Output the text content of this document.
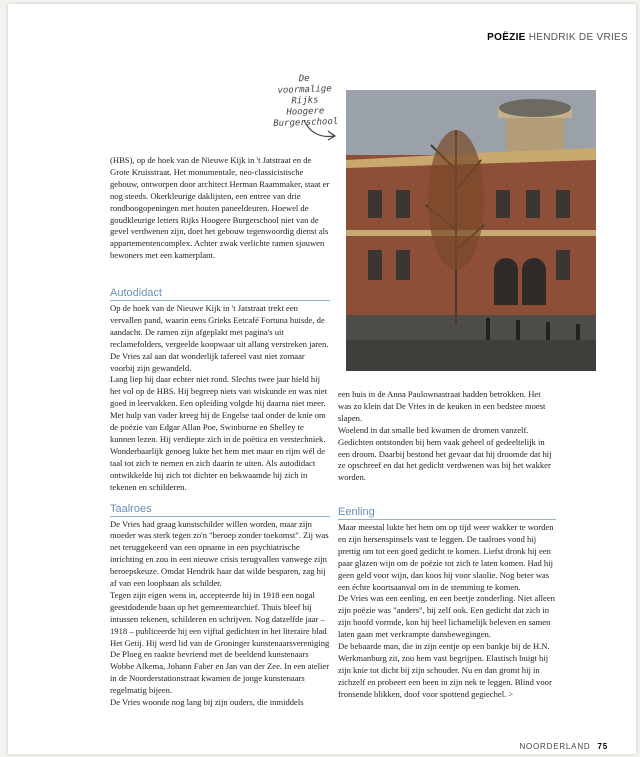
POËZIE HENDRIK DE VRIES
De voormalige
Rijks Hoogere
Burgerschool

(HBS), op de hoek van de Nieuwe Kijk in 't Jatstraat en de Grote Kruisstraat. Het monumentale, neo-classicistische gebouw, ontworpen door architect Herman Raammaker, staat er nog steeds. Okerkleurige daklijsten, een entree van drie rondboogopeningen met houten paneeldeuren. Hoewel de goudkleurige letters Rijks Hoogere Burgerschool niet van de gevel verdwenen zijn, doet het gebouw tegenwoordig dienst als appartementencomplex. Achter zwak verlichte ramen sjouwen bewoners met een kamerplant.

Autodidact

Op de hoek van de Nieuwe Kijk in 't Jatstraat trekt een vervallen pand, waarin eens Grieks Eetcafé Fortuna huisde, de aandacht. De ramen zijn afgeplakt met pagina's uit reclamefolders, vergeelde koopwaar uit allang verstreken jaren. De Vries zal aan dat wonderlijk tafereel vast niet zomaar voorbij zijn gewandeld.

Lang liep hij daar echter niet rond. Slechts twee jaar hield hij het vol op de HBS. Hij begreep niets van wiskunde en was niet goed in leervakken. Een opleiding volgde hij daarna niet meer. Met hulp van vader kreeg hij de Engelse taal onder de knie om de poëzie van Edgar Allan Poe, Swinburne en Shelley te kunnen lezen. Hij verdiepte zich in de poëtica en verstechniek. Wonderbaarlijk genoeg lukte het hem met maar en rijm wél de taal tot zich te nemen en zich daarin te uiten. Als autodidact ontwikkelde hij zich tot dichter en bekwaamde hij zich in tekenen en schilderen.

Taalroes

De Vries had graag kunstschilder willen worden, maar zijn moeder was sterk tegen zo'n "beroep zonder toekomst". Zij was net teruggekeerd van een opname in een psychiatrische inrichting en zou in een nieuwe crisis terugvallen vanwege zijn beroepskeuze. Omdat Hendrik haar dat wilde besparen, zag hij af van een loopbaan als schilder.

Tegen zijn eigen wens in, accepteerde hij in 1918 een nogal geestdodende baan op het gemeentearchief. Thuis bleef hij intussen tekenen, schilderen en schrijven. Nog datzelfde jaar – 1918 – publiceerde hij een vijftal gedichten in het literaire blad Het Getij. Hij werd lid van de Groninger kunstenaarsvereniging De Ploeg en raakte bevriend met de beeldend kunstenaars Wobbe Alkema, Johann Faber en Jan van der Zee. In een atelier in de Noorderstationstraat kwamen de jonge kunstenaars regelmatig bijeen.

De Vries woonde nog lang bij zijn ouders, die inmiddels

een huis in de Anna Paulownastraat hadden betrokken. Het was zo klein dat De Vries in de keuken in een bedstee moest slapen.

Woelend in dat smalle bed kwamen de dromen vanzelf. Gedichten ontstonden bij hem vaak geheel of gedeeltelijk in een droom. Daarbij bestond het gevaar dat hij droomde dat hij ze opschreef en dat het gedicht verdwenen was bij het wakker worden.

Eenling

Maar meestal lukte het hem om op tijd weer wakker te worden en zijn hersenspinsels vast te leggen. De taalroes vond hij prettig om tot een goed gedicht te komen. Liefst dronk hij een paar glazen wijn om de poëzie tot zich te laten komen. Had hij geen geld voor wijn, dan koos hij voor slaolie. Nog beter was een échte koortsaanval om in de stemming te komen.

De Vries was een eenling, en een beetje zonderling. Niet alleen zijn poëzie was "anders", hij zelf ook. Een gedicht dat zich in zijn hoofd vormde, kon hij heel lichamelijk beleven en samen laten gaan met verkrampte dansbewegingen.

De bebaarde man, die in zijn eentje op een bankje bij de H.N. Werkmanburg zit, zou hem vast begrijpen. Elastisch buigt hij zijn knie tot dicht bij zijn schouder. Nu en dan gromt hij in zichzelf en probeert een been in zijn nek te leggen. Blind voor fronsende blikken, doof voor spottend gegiechel. >

NOORDERLAND 75
